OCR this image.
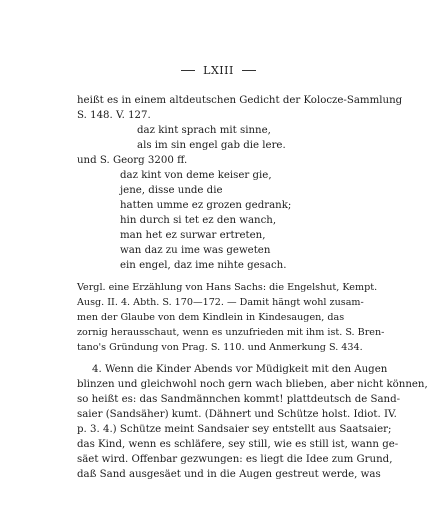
LXIII
heißt es in einem altdeutschen Gedicht der Kolocze-Sammlung
S. 148. V. 127.
daz kint sprach mit sinne,
als im sin engel gab die lere.
und S. Georg 3200 ff.
daz kint von deme keiser gie,
jene, disse unde die
hatten umme ez grozen gedrank;
hin durch si tet ez den wanch,
man het ez surwar ertreten,
wan daz zu ime was geweten
ein engel, daz ime nihte gesach.
Vergl. eine Erzählung von Hans Sachs: die Engelshut, Kempt.
Ausg. II. 4. Abth. S. 170—172. — Damit hängt wohl zusam-
men der Glaube von dem Kindlein in Kindesaugen, das
zornig herausschaut, wenn es unzufrieden mit ihm ist. S. Bren-
tano's Gründung von Prag. S. 110. und Anmerkung S. 434.
4. Wenn die Kinder Abends vor Müdigkeit mit den Augen
blinzen und gleichwohl noch gern wach blieben, aber nicht können,
so heißt es: das Sandmännchen kommt! plattdeutsch de Sand-
saier (Sandsäher) kumt. (Dähnert und Schütze holst. Idiot. IV.
p. 3. 4.) Schütze meint Sandsaier sey entstellt aus Saatsaier;
das Kind, wenn es schläfere, sey still, wie es still ist, wann ge-
säet wird. Offenbar gezwungen: es liegt die Idee zum Grund,
daß Sand ausgesäet und in die Augen gestreut werde, was
